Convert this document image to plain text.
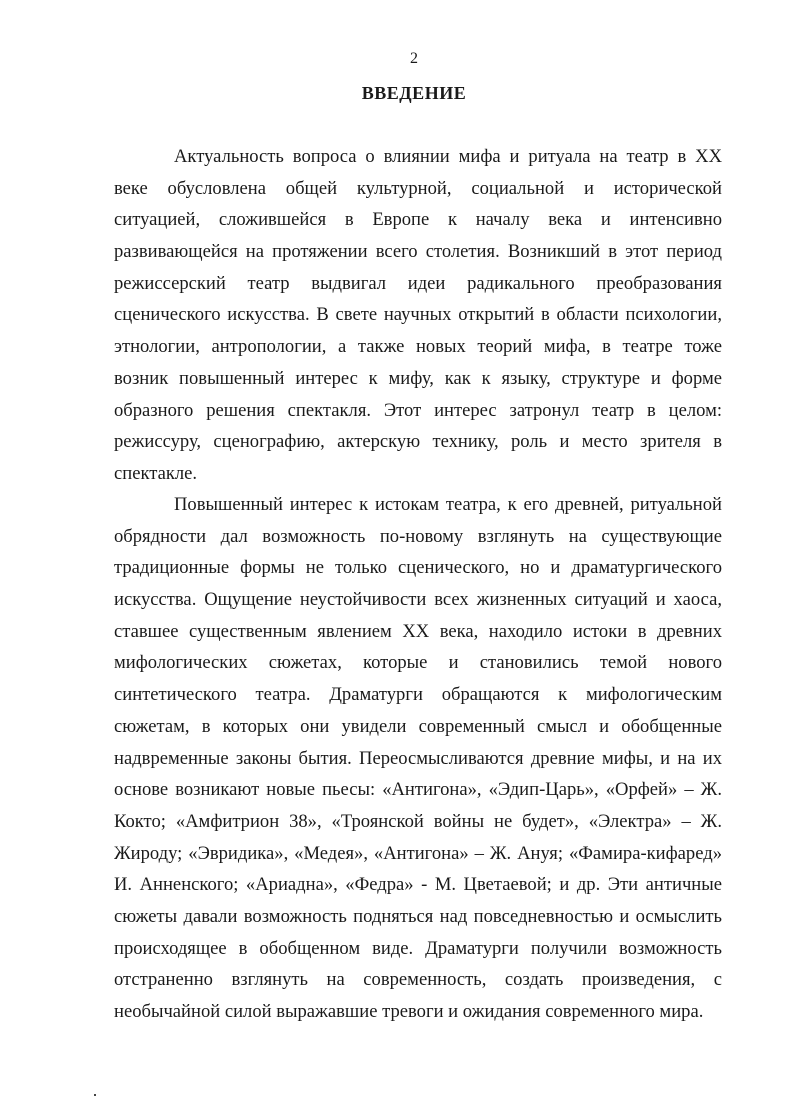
2
ВВЕДЕНИЕ
Актуальность вопроса о влиянии мифа и ритуала на театр в XX
веке обусловлена общей культурной, социальной и исторической
ситуацией, сложившейся в Европе к началу века и интенсивно
развивающейся на протяжении всего столетия. Возникший в этот период
режиссерский театр выдвигал идеи радикального преобразования
сценического искусства. В свете научных открытий в области психологии,
этнологии, антропологии, а также новых теорий мифа, в театре тоже
возник повышенный интерес к мифу, как к языку, структуре и форме
образного решения спектакля. Этот интерес затронул театр в целом:
режиссуру, сценографию, актерскую технику, роль и место зрителя в
спектакле.
Повышенный интерес к истокам театра, к его древней, ритуальной
обрядности дал возможность по-новому взглянуть на существующие
традиционные формы не только сценического, но и драматургического
искусства. Ощущение неустойчивости всех жизненных ситуаций и хаоса,
ставшее существенным явлением XX века, находило истоки в древних
мифологических сюжетах, которые и становились темой нового
синтетического театра. Драматурги обращаются к мифологическим
сюжетам, в которых они увидели современный смысл и обобщенные
надвременные законы бытия. Переосмысливаются древние мифы, и на их
основе возникают новые пьесы: «Антигона», «Эдип-Царь», «Орфей» – Ж.
Кокто; «Амфитрион 38», «Троянской войны не будет», «Электра» – Ж.
Жироду; «Эвридика», «Медея», «Антигона» – Ж. Ануя; «Фамира-кифаред»
И. Анненского; «Ариадна», «Федра» - М. Цветаевой; и др. Эти античные
сюжеты давали возможность подняться над повседневностью и осмыслить
происходящее в обобщенном виде. Драматурги получили возможность
отстраненно взглянуть на современность, создать произведения, с
необычайной силой выражавшие тревоги и ожидания современного мира.
